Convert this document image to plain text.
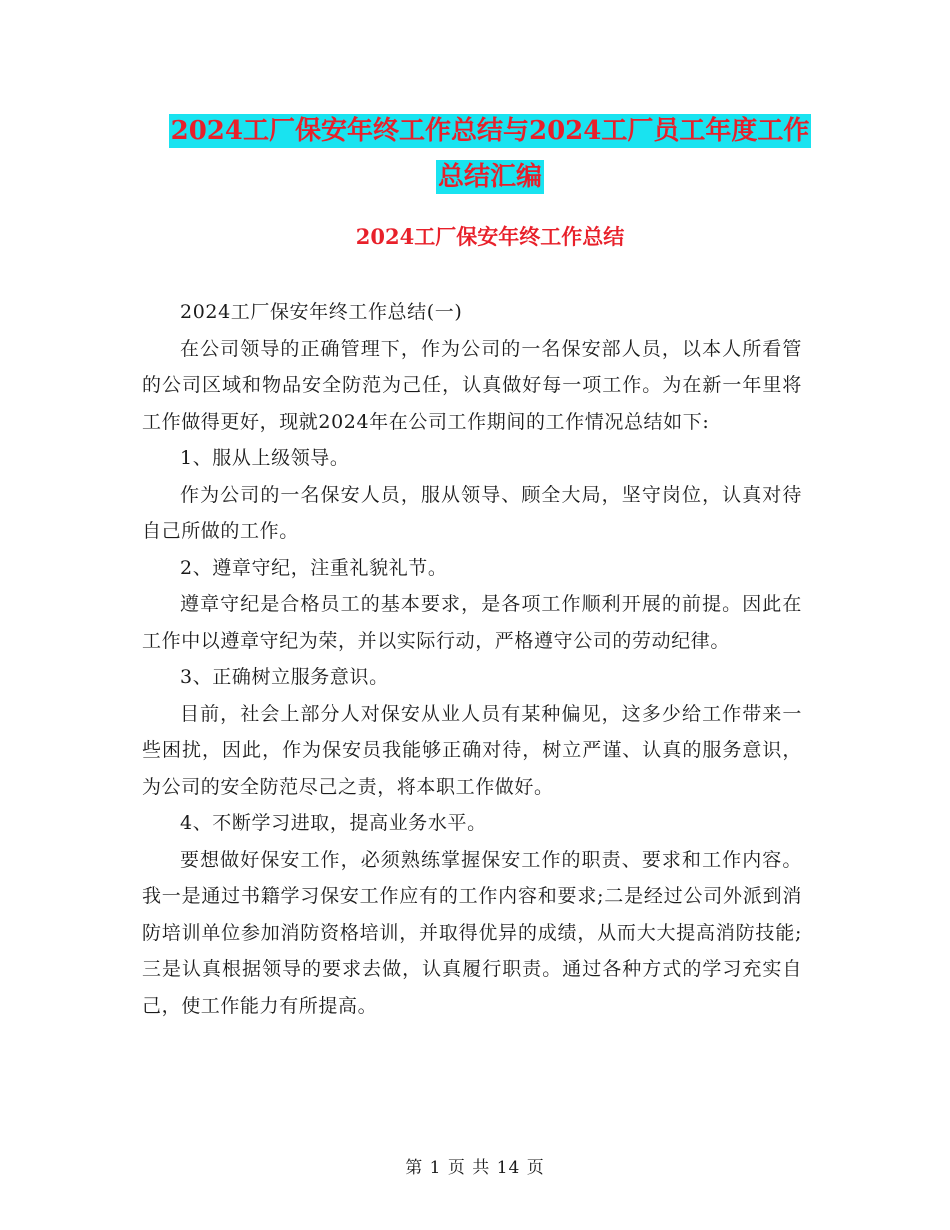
2024工厂保安年终工作总结与2024工厂员工年度工作
总结汇编
2024工厂保安年终工作总结

2024工厂保安年终工作总结(一)

在公司领导的正确管理下，作为公司的一名保安部人员，以本人所看管的公司区域和物品安全防范为己任，认真做好每一项工作。为在新一年里将工作做得更好，现就2024年在公司工作期间的工作情况总结如下:

1、服从上级领导。

作为公司的一名保安人员，服从领导、顾全大局，坚守岗位，认真对待自己所做的工作。

2、遵章守纪，注重礼貌礼节。

遵章守纪是合格员工的基本要求，是各项工作顺利开展的前提。因此在工作中以遵章守纪为荣，并以实际行动，严格遵守公司的劳动纪律。

3、正确树立服务意识。

目前，社会上部分人对保安从业人员有某种偏见，这多少给工作带来一些困扰，因此，作为保安员我能够正确对待，树立严谨、认真的服务意识，为公司的安全防范尽己之责，将本职工作做好。

4、不断学习进取，提高业务水平。

要想做好保安工作，必须熟练掌握保安工作的职责、要求和工作内容。我一是通过书籍学习保安工作应有的工作内容和要求;二是经过公司外派到消防培训单位参加消防资格培训，并取得优异的成绩，从而大大提高消防技能;三是认真根据领导的要求去做，认真履行职责。通过各种方式的学习充实自己，使工作能力有所提高。

第 1 页 共 14 页
